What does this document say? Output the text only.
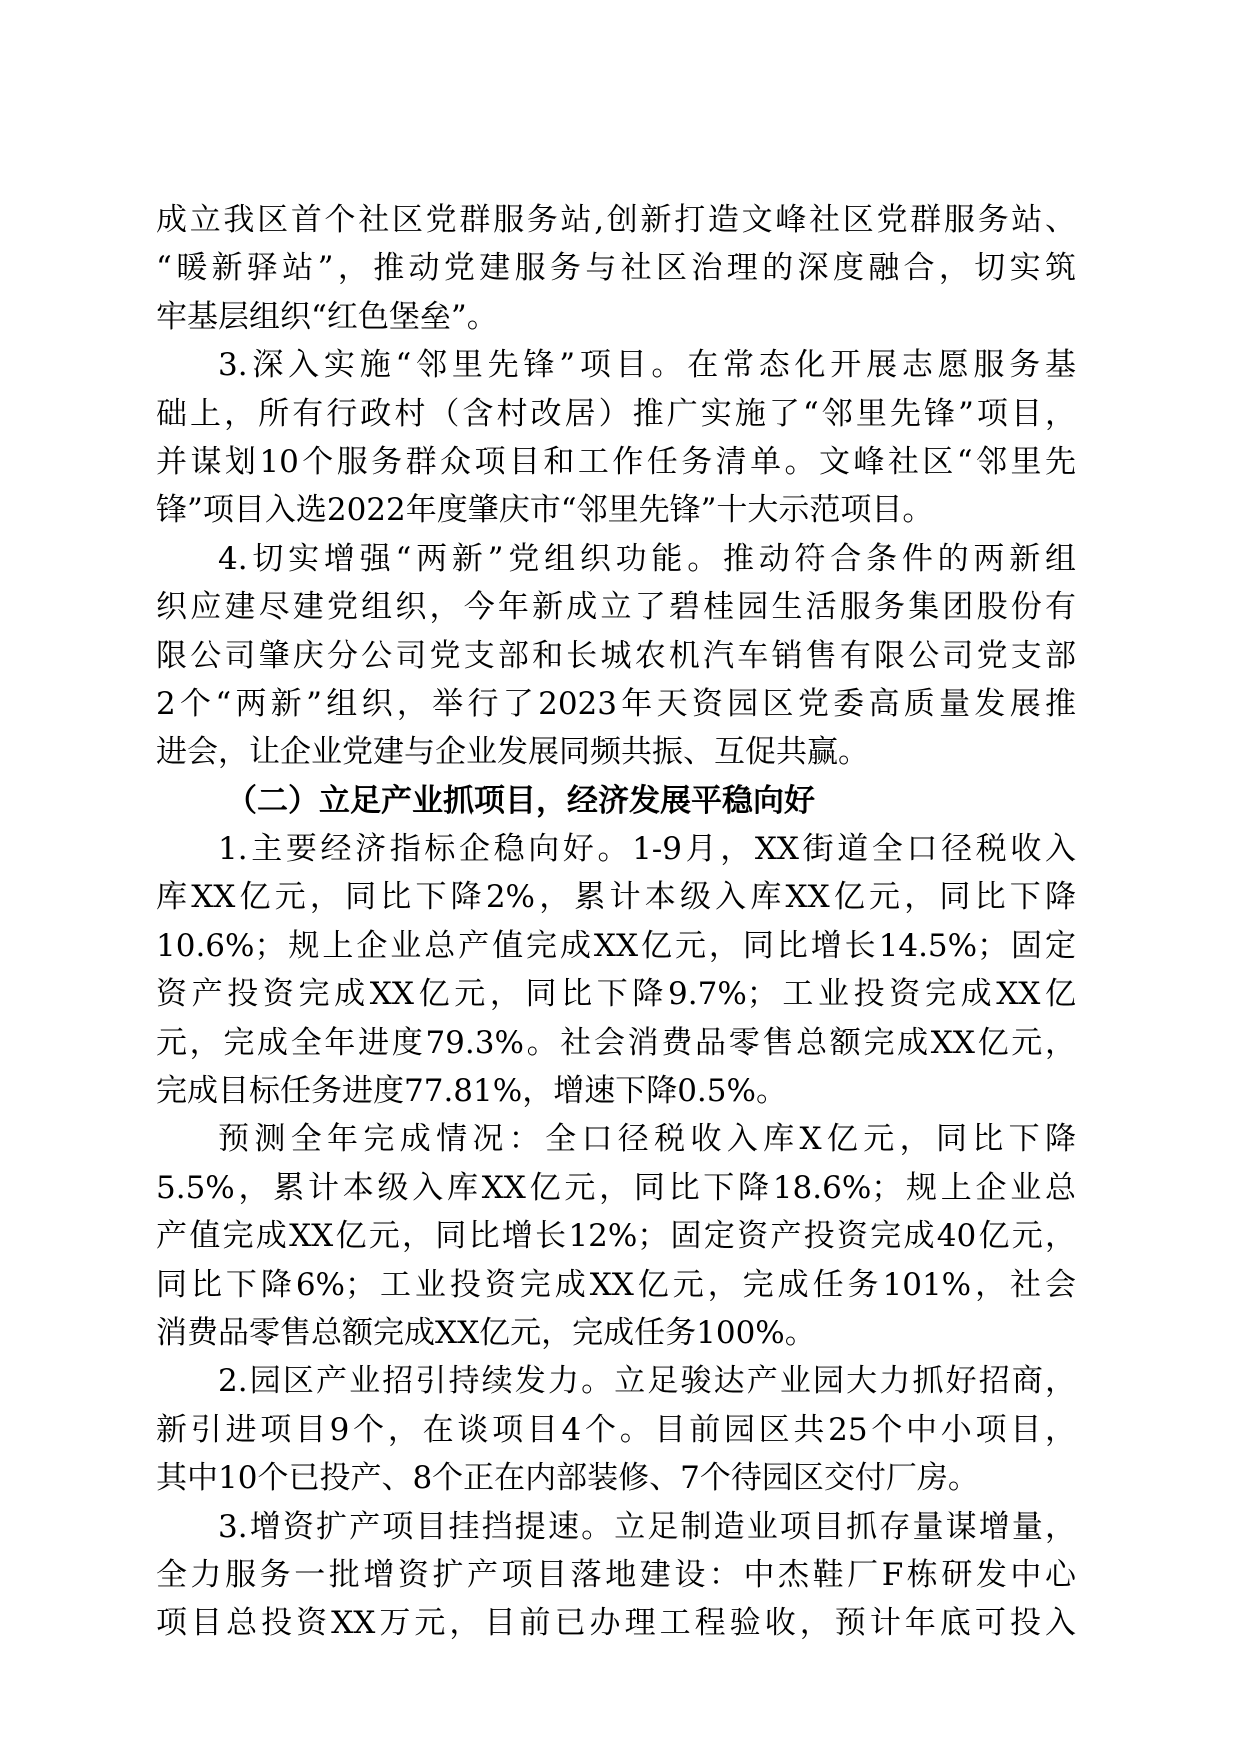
成立我区首个社区党群服务站,创新打造文峰社区党群服务站、
“暖新驿站”，推动党建服务与社区治理的深度融合，切实筑
牢基层组织“红色堡垒”。
3.深入实施“邻里先锋”项目。在常态化开展志愿服务基
础上，所有行政村（含村改居）推广实施了“邻里先锋”项目，
并谋划10个服务群众项目和工作任务清单。文峰社区“邻里先
锋”项目入选2022年度肇庆市“邻里先锋”十大示范项目。
4.切实增强“两新”党组织功能。推动符合条件的两新组
织应建尽建党组织，今年新成立了碧桂园生活服务集团股份有
限公司肇庆分公司党支部和长城农机汽车销售有限公司党支部
2个“两新”组织，举行了2023年天资园区党委高质量发展推
进会，让企业党建与企业发展同频共振、互促共赢。
（二）立足产业抓项目，经济发展平稳向好
1.主要经济指标企稳向好。1-9月，XX街道全口径税收入
库XX亿元，同比下降2%，累计本级入库XX亿元，同比下降
10.6%；规上企业总产值完成XX亿元，同比增长14.5%；固定
资产投资完成XX亿元，同比下降9.7%；工业投资完成XX亿
元，完成全年进度79.3%。社会消费品零售总额完成XX亿元，
完成目标任务进度77.81%，增速下降0.5%。
预测全年完成情况：全口径税收入库X亿元，同比下降
5.5%，累计本级入库XX亿元，同比下降18.6%；规上企业总
产值完成XX亿元，同比增长12%；固定资产投资完成40亿元，
同比下降6%；工业投资完成XX亿元，完成任务101%，社会
消费品零售总额完成XX亿元，完成任务100%。
2.园区产业招引持续发力。立足骏达产业园大力抓好招商，
新引进项目9个，在谈项目4个。目前园区共25个中小项目，
其中10个已投产、8个正在内部装修、7个待园区交付厂房。
3.增资扩产项目挂挡提速。立足制造业项目抓存量谋增量，
全力服务一批增资扩产项目落地建设：中杰鞋厂F栋研发中心
项目总投资XX万元，目前已办理工程验收，预计年底可投入
